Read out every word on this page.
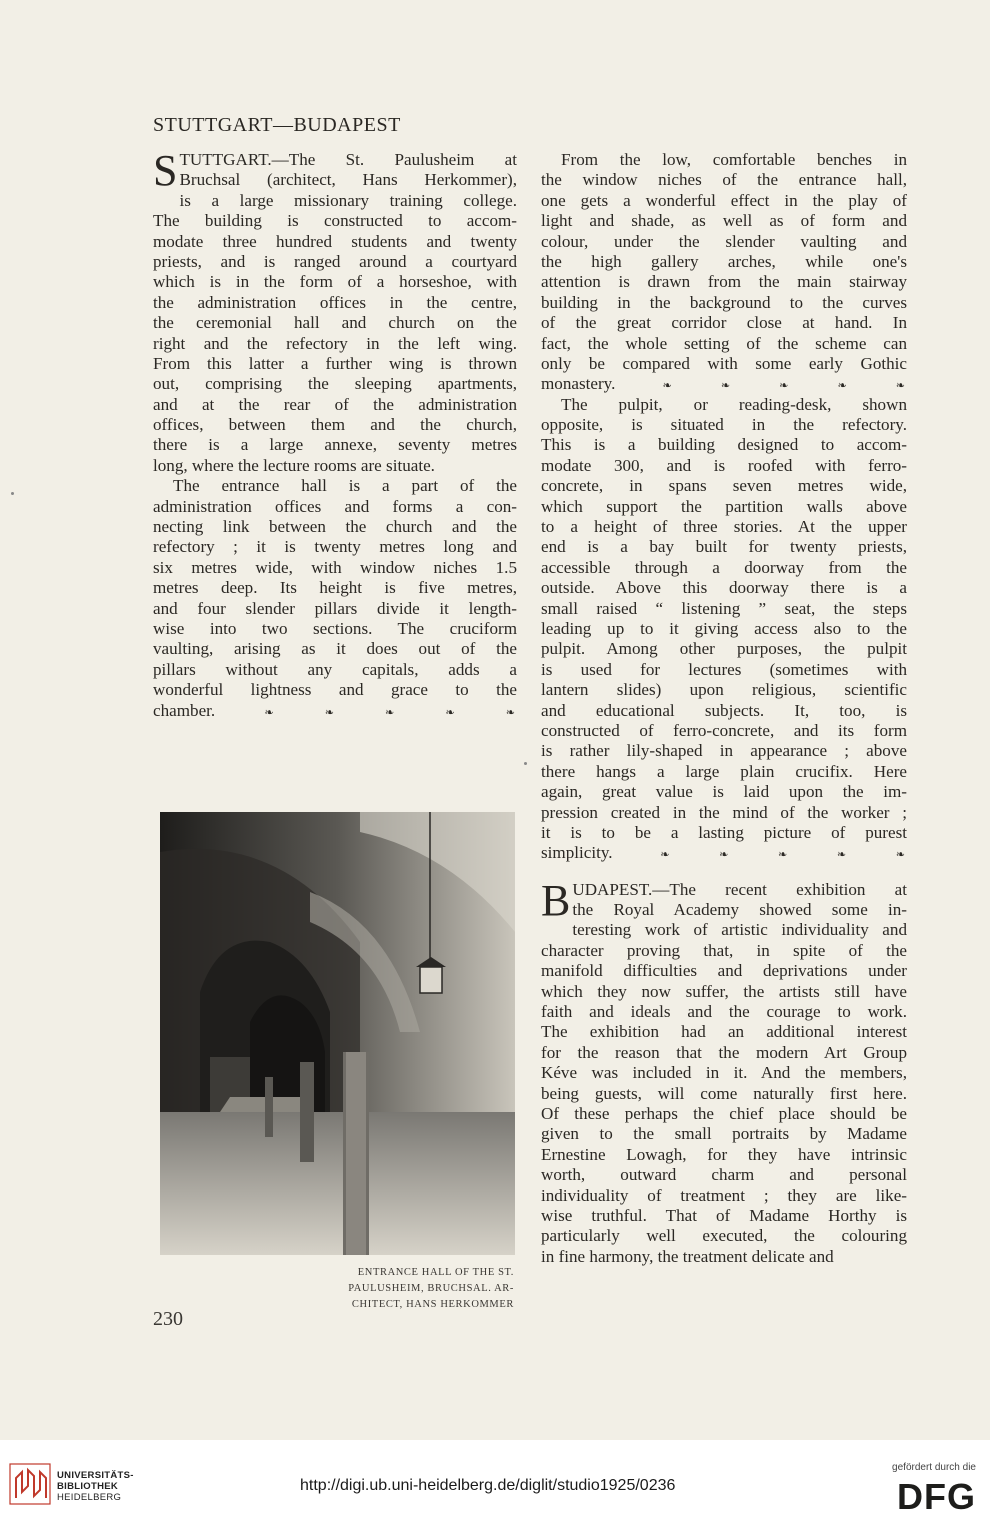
STUTTGART—BUDAPEST
S TUTTGART.—The St. Paulusheim at
Bruchsal (architect, Hans Herkommer),
is a large missionary training college.
The building is constructed to accom-
modate three hundred students and twenty
priests, and is ranged around a courtyard
which is in the form of a horseshoe, with
the administration offices in the centre,
the ceremonial hall and church on the
right and the refectory in the left wing.
From this latter a further wing is thrown
out, comprising the sleeping apartments,
and at the rear of the administration
offices, between them and the church,
there is a large annexe, seventy metres
long, where the lecture rooms are situate.
The entrance hall is a part of the
administration offices and forms a con-
necting link between the church and the
refectory ; it is twenty metres long and
six metres wide, with window niches 1.5
metres deep. Its height is five metres,
and four slender pillars divide it length-
wise into two sections. The cruciform
vaulting, arising as it does out of the
pillars without any capitals, adds a
wonderful lightness and grace to the
chamber.	❧	❧	❧	❧	❧
From the low, comfortable benches in
the window niches of the entrance hall,
one gets a wonderful effect in the play of
light and shade, as well as of form and
colour, under the slender vaulting and
the high gallery arches, while one's
attention is drawn from the main stairway
building in the background to the curves
of the great corridor close at hand. In
fact, the whole setting of the scheme can
only be compared with some early Gothic
monastery.	❧	❧	❧	❧	❧
The pulpit, or reading-desk, shown
opposite, is situated in the refectory.
This is a building designed to accom-
modate 300, and is roofed with ferro-
concrete, in spans seven metres wide,
which support the partition walls above
to a height of three stories. At the upper
end is a bay built for twenty priests,
accessible through a doorway from the
outside. Above this doorway there is a
small raised “ listening ” seat, the steps
leading up to it giving access also to the
pulpit. Among other purposes, the pulpit
is used for lectures (sometimes with
lantern slides) upon religious, scientific
and educational subjects. It, too, is
constructed of ferro-concrete, and its form
is rather lily-shaped in appearance ; above
there hangs a large plain crucifix. Here
again, great value is laid upon the im-
pression created in the mind of the worker ;
it is to be a lasting picture of purest
simplicity.	❧	❧	❧	❧	❧
B UDAPEST.—The recent exhibition at
the Royal Academy showed some in-
teresting work of artistic individuality and
character proving that, in spite of the
manifold difficulties and deprivations under
which they now suffer, the artists still have
faith and ideals and the courage to work.
The exhibition had an additional interest
for the reason that the modern Art Group
Kéve was included in it. And the members,
being guests, will come naturally first here.
Of these perhaps the chief place should be
given to the small portraits by Madame
Ernestine Lowagh, for they have intrinsic
worth, outward charm and personal
individuality of treatment ; they are like-
wise truthful. That of Madame Horthy is
particularly well executed, the colouring
in fine harmony, the treatment delicate and
ENTRANCE HALL OF THE ST.
PAULUSHEIM, BRUCHSAL. AR-
CHITECT, HANS HERKOMMER
230
UNIVERSITÄTS-
BIBLIOTHEK
HEIDELBERG
http://digi.ub.uni-heidelberg.de/diglit/studio1925/0236
gefördert durch die
DFG
